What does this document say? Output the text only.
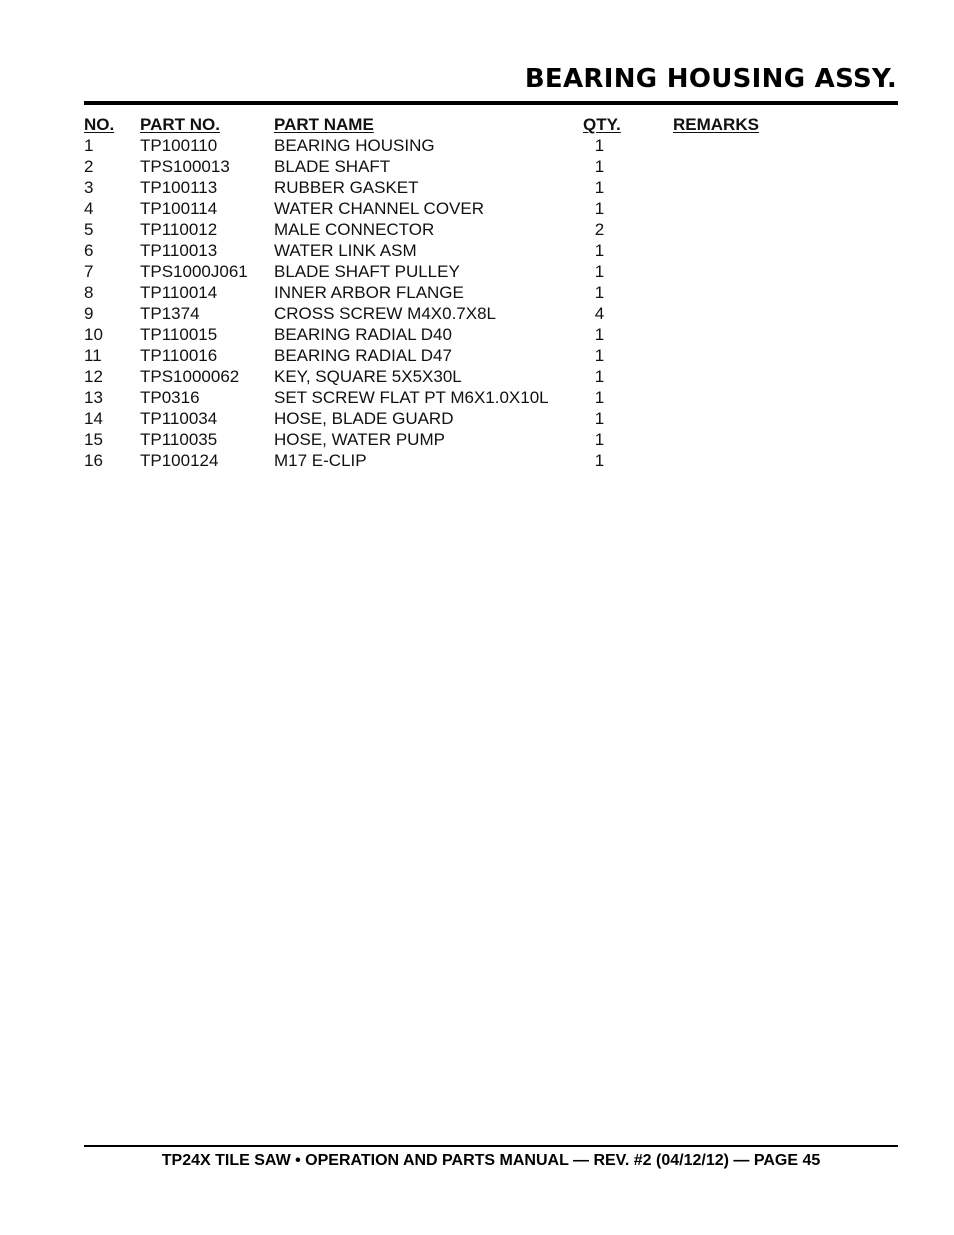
BEARING HOUSING ASSY.
NO. PART NO.	PART NAME	QTY.	REMARKS
1	TP100110	BEARING HOUSING	1
2	TPS100013	BLADE SHAFT	1
3	TP100113	RUBBER GASKET	1
4	TP100114	WATER CHANNEL COVER	1
5	TP110012	MALE CONNECTOR	2
6	TP110013	WATER LINK ASM	1
7	TPS1000J061 BLADE SHAFT PULLEY	1
8	TP110014	INNER ARBOR FLANGE	1
9	TP1374	CROSS SCREW M4X0.7X8L	4
10 TP110015	BEARING RADIAL D40	1
11 TP110016	BEARING RADIAL D47	1
12 TPS1000062 KEY, SQUARE 5X5X30L	1
13 TP0316	SET SCREW FLAT PT M6X1.0X10L	1
14 TP110034	HOSE, BLADE GUARD	1
15 TP110035	HOSE, WATER PUMP	1
16 TP100124	M17 E-CLIP	1
TP24X TILE SAW • OPERATION AND PARTS MANUAL — REV. #2 (04/12/12) — PAGE 45
